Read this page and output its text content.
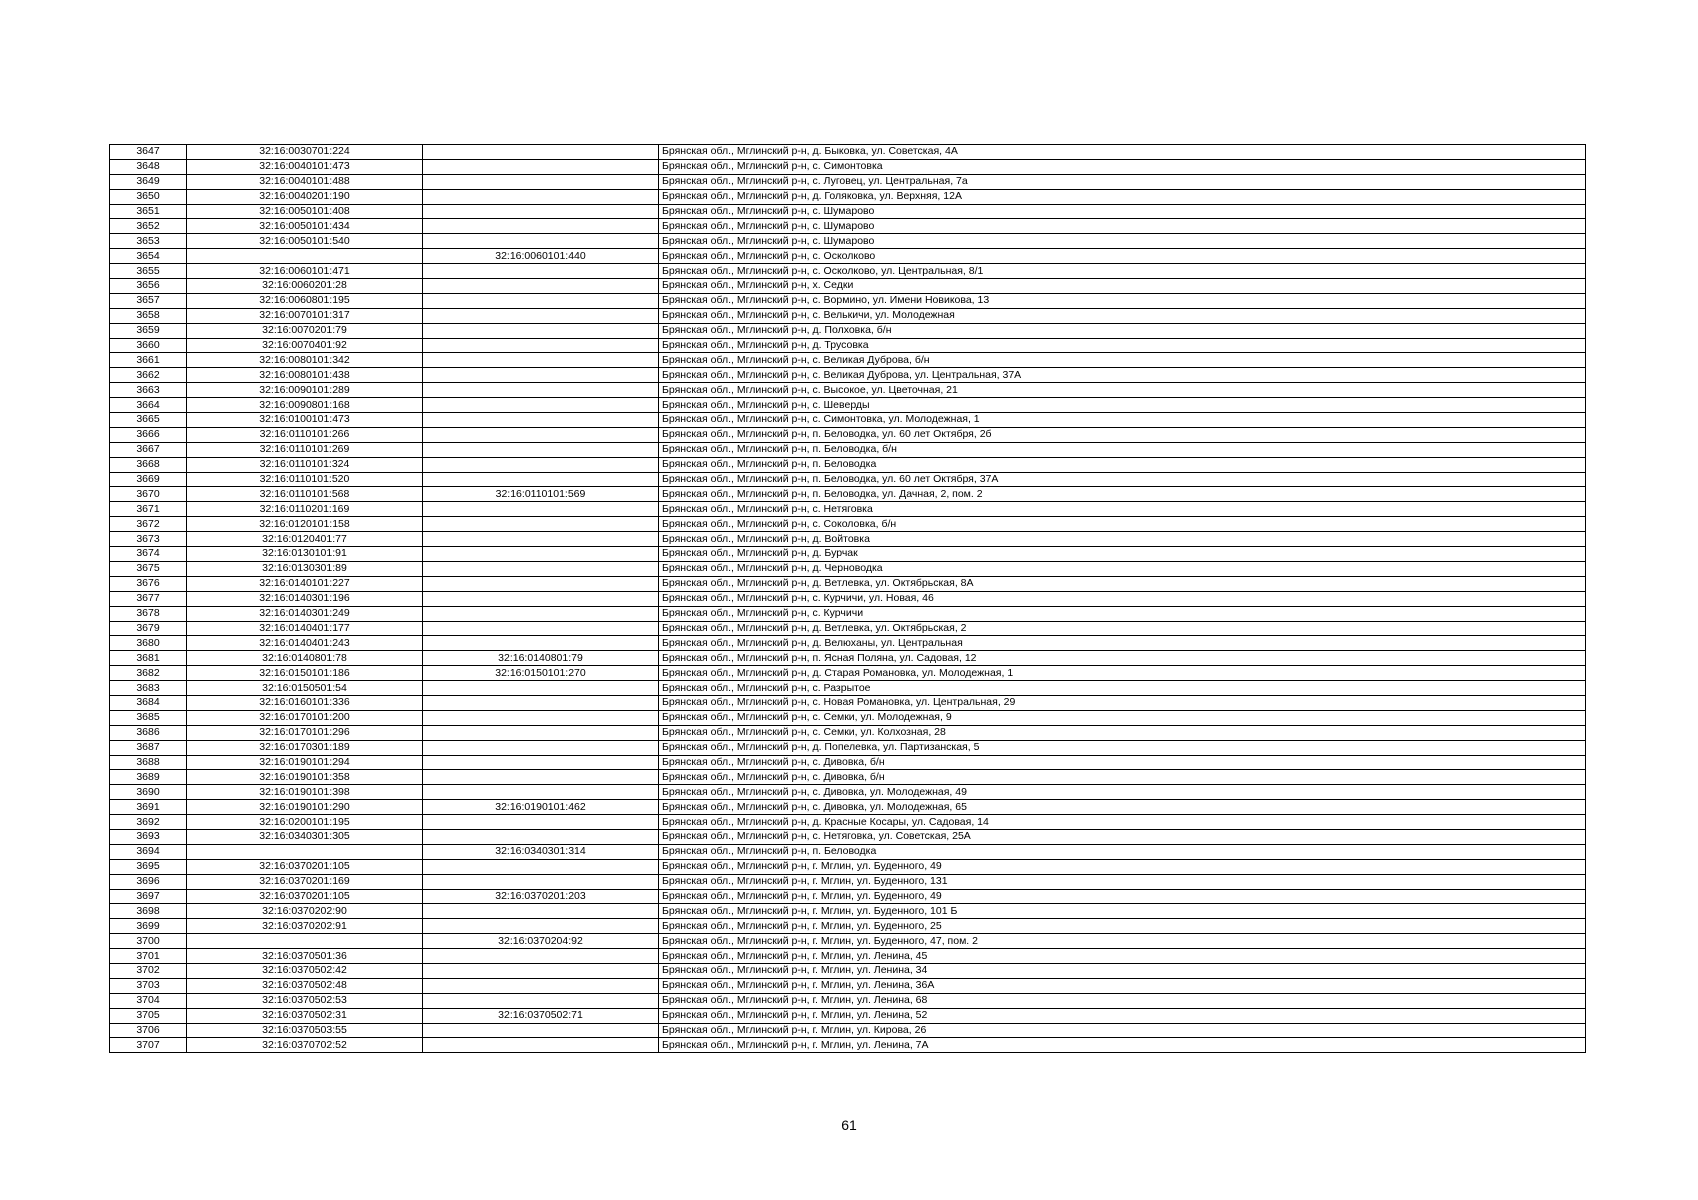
3647	32:16:0030701:224		Брянская обл., Мглинский р-н, д. Быковка, ул. Советская, 4А
3648	32:16:0040101:473		Брянская обл., Мглинский р-н, с. Симонтовка
3649	32:16:0040101:488		Брянская обл., Мглинский р-н, с. Луговец, ул. Центральная, 7а
3650	32:16:0040201:190		Брянская обл., Мглинский р-н, д. Голяковка, ул. Верхняя, 12А
3651	32:16:0050101:408		Брянская обл., Мглинский р-н, с. Шумарово
3652	32:16:0050101:434		Брянская обл., Мглинский р-н, с. Шумарово
3653	32:16:0050101:540		Брянская обл., Мглинский р-н, с. Шумарово
3654		32:16:0060101:440	Брянская обл., Мглинский р-н, с. Осколково
3655	32:16:0060101:471		Брянская обл., Мглинский р-н, с. Осколково, ул. Центральная, 8/1
3656	32:16:0060201:28		Брянская обл., Мглинский р-н, х. Седки
3657	32:16:0060801:195		Брянская обл., Мглинский р-н, с. Вормино, ул. Имени Новикова, 13
3658	32:16:0070101:317		Брянская обл., Мглинский р-н, с. Велькичи, ул. Молодежная
3659	32:16:0070201:79		Брянская обл., Мглинский р-н, д. Полховка, б/н
3660	32:16:0070401:92		Брянская обл., Мглинский р-н, д. Трусовка
3661	32:16:0080101:342		Брянская обл., Мглинский р-н, с. Великая Дуброва, б/н
3662	32:16:0080101:438		Брянская обл., Мглинский р-н, с. Великая Дуброва, ул. Центральная, 37А
3663	32:16:0090101:289		Брянская обл., Мглинский р-н, с. Высокое, ул. Цветочная, 21
3664	32:16:0090801:168		Брянская обл., Мглинский р-н, с. Шеверды
3665	32:16:0100101:473		Брянская обл., Мглинский р-н, с. Симонтовка, ул. Молодежная, 1
3666	32:16:0110101:266		Брянская обл., Мглинский р-н, п. Беловодка, ул. 60 лет Октября, 2б
3667	32:16:0110101:269		Брянская обл., Мглинский р-н, п. Беловодка, б/н
3668	32:16:0110101:324		Брянская обл., Мглинский р-н, п. Беловодка
3669	32:16:0110101:520		Брянская обл., Мглинский р-н, п. Беловодка, ул. 60 лет Октября, 37А
3670	32:16:0110101:568	32:16:0110101:569	Брянская обл., Мглинский р-н, п. Беловодка, ул. Дачная, 2, пом. 2
3671	32:16:0110201:169		Брянская обл., Мглинский р-н, с. Нетяговка
3672	32:16:0120101:158		Брянская обл., Мглинский р-н, с. Соколовка, б/н
3673	32:16:0120401:77		Брянская обл., Мглинский р-н, д. Войтовка
3674	32:16:0130101:91		Брянская обл., Мглинский р-н, д. Бурчак
3675	32:16:0130301:89		Брянская обл., Мглинский р-н, д. Черноводка
3676	32:16:0140101:227		Брянская обл., Мглинский р-н, д. Ветлевка, ул. Октябрьская, 8А
3677	32:16:0140301:196		Брянская обл., Мглинский р-н, с. Курчичи, ул. Новая, 46
3678	32:16:0140301:249		Брянская обл., Мглинский р-н, с. Курчичи
3679	32:16:0140401:177		Брянская обл., Мглинский р-н, д. Ветлевка, ул. Октябрьская, 2
3680	32:16:0140401:243		Брянская обл., Мглинский р-н, д. Велюханы, ул. Центральная
3681	32:16:0140801:78	32:16:0140801:79	Брянская обл., Мглинский р-н, п. Ясная Поляна, ул. Садовая, 12
3682	32:16:0150101:186	32:16:0150101:270	Брянская обл., Мглинский р-н, д. Старая Романовка, ул. Молодежная, 1
3683	32:16:0150501:54		Брянская обл., Мглинский р-н, с. Разрытое
3684	32:16:0160101:336		Брянская обл., Мглинский р-н, с. Новая Романовка, ул. Центральная, 29
3685	32:16:0170101:200		Брянская обл., Мглинский р-н, с. Семки, ул. Молодежная, 9
3686	32:16:0170101:296		Брянская обл., Мглинский р-н, с. Семки, ул. Колхозная, 28
3687	32:16:0170301:189		Брянская обл., Мглинский р-н, д. Попелевка, ул. Партизанская, 5
3688	32:16:0190101:294		Брянская обл., Мглинский р-н, с. Дивовка, б/н
3689	32:16:0190101:358		Брянская обл., Мглинский р-н, с. Дивовка, б/н
3690	32:16:0190101:398		Брянская обл., Мглинский р-н, с. Дивовка, ул. Молодежная, 49
3691	32:16:0190101:290	32:16:0190101:462	Брянская обл., Мглинский р-н, с. Дивовка, ул. Молодежная, 65
3692	32:16:0200101:195		Брянская обл., Мглинский р-н, д. Красные Косары, ул. Садовая, 14
3693	32:16:0340301:305		Брянская обл., Мглинский р-н, с. Нетяговка, ул. Советская, 25А
3694		32:16:0340301:314	Брянская обл., Мглинский р-н, п. Беловодка
3695	32:16:0370201:105		Брянская обл., Мглинский р-н, г. Мглин, ул. Буденного, 49
3696	32:16:0370201:169		Брянская обл., Мглинский р-н, г. Мглин, ул. Буденного, 131
3697	32:16:0370201:105	32:16:0370201:203	Брянская обл., Мглинский р-н, г. Мглин, ул. Буденного, 49
3698	32:16:0370202:90		Брянская обл., Мглинский р-н, г. Мглин, ул. Буденного, 101 Б
3699	32:16:0370202:91		Брянская обл., Мглинский р-н, г. Мглин, ул. Буденного, 25
3700		32:16:0370204:92	Брянская обл., Мглинский р-н, г. Мглин, ул. Буденного, 47, пом. 2
3701	32:16:0370501:36		Брянская обл., Мглинский р-н, г. Мглин, ул. Ленина, 45
3702	32:16:0370502:42		Брянская обл., Мглинский р-н, г. Мглин, ул. Ленина, 34
3703	32:16:0370502:48		Брянская обл., Мглинский р-н, г. Мглин, ул. Ленина, 36А
3704	32:16:0370502:53		Брянская обл., Мглинский р-н, г. Мглин, ул. Ленина, 68
3705	32:16:0370502:31	32:16:0370502:71	Брянская обл., Мглинский р-н, г. Мглин, ул. Ленина, 52
3706	32:16:0370503:55		Брянская обл., Мглинский р-н, г. Мглин, ул. Кирова, 26
3707	32:16:0370702:52		Брянская обл., Мглинский р-н, г. Мглин, ул. Ленина, 7А
61
